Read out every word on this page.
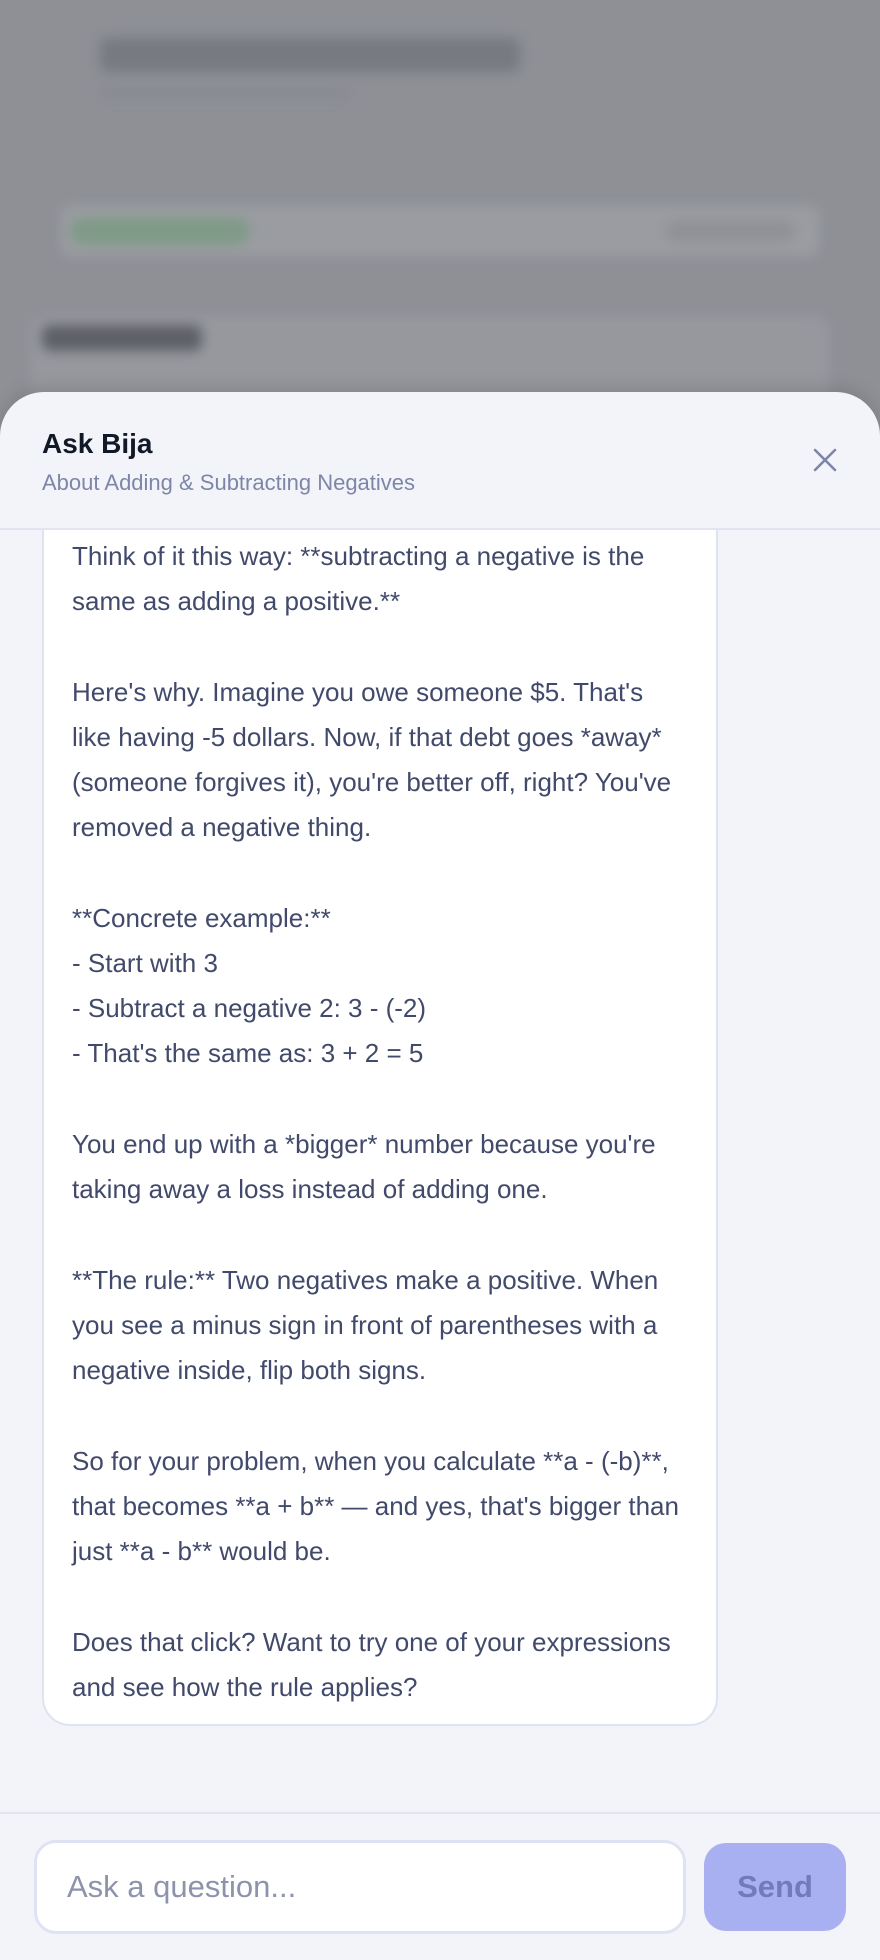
Ask Bija
About Adding & Subtracting Negatives

Think of it this way: **subtracting a negative is the same as adding a positive.**

Here's why. Imagine you owe someone $5. That's like having -5 dollars. Now, if that debt goes *away* (someone forgives it), you're better off, right? You've removed a negative thing.

**Concrete example:**
- Start with 3
- Subtract a negative 2: 3 - (-2)
- That's the same as: 3 + 2 = 5

You end up with a *bigger* number because you're taking away a loss instead of adding one.

**The rule:** Two negatives make a positive. When you see a minus sign in front of parentheses with a negative inside, flip both signs.

So for your problem, when you calculate **a - (-b)**, that becomes **a + b** — and yes, that's bigger than just **a - b** would be.

Does that click? Want to try one of your expressions and see how the rule applies?

Ask a question...
Send
